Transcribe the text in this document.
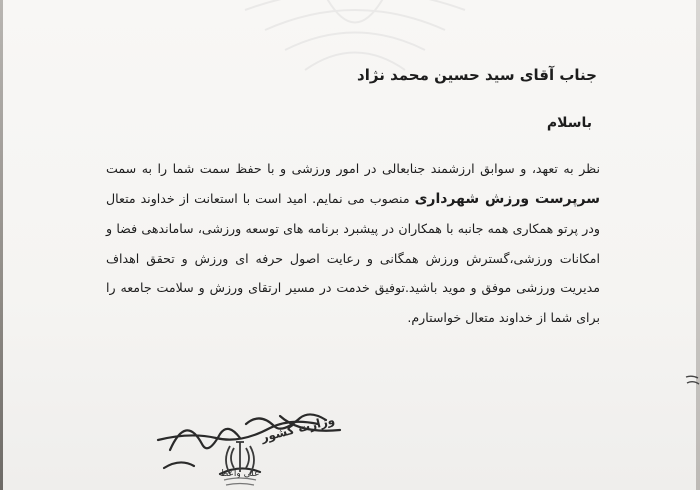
جناب آقای سید حسین محمد نژاد
باسلام
نظر به تعهد، و سوابق ارزشمند جنابعالی در امور ورزشی و با حفظ سمت شما را به سمت سرپرست ورزش شهرداری منصوب می نمایم. امید است با استعانت از خداوند متعال ودر پرتو همکاری همه جانبه با همکاران در پیشبرد برنامه های توسعه ورزشی، ساماندهی فضا و امکانات ورزشی،گسترش ورزش همگانی و رعایت اصول حرفه ای ورزش و تحقق اهداف مدیریت ورزشی موفق و موید باشید.توفیق خدمت در مسیر ارتقای ورزش و سلامت جامعه را برای شما از خداوند متعال خواستارم.
وزارت کشور
علی واعظ
